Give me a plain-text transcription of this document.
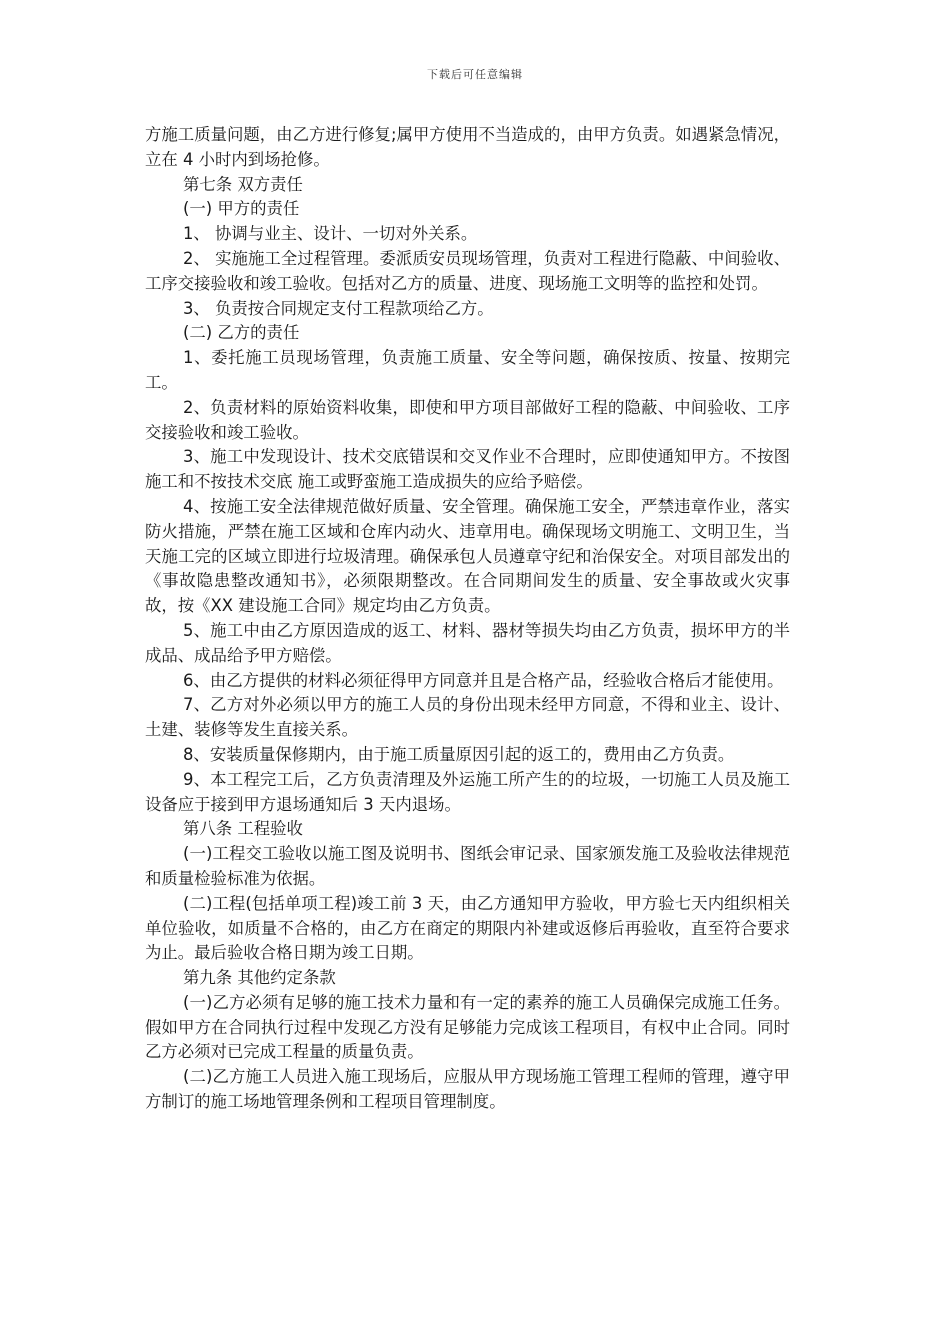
下载后可任意编辑

方施工质量问题，由乙方进行修复;属甲方使用不当造成的，由甲方负责。如遇紧急情况，立在 4 小时内到场抢修。

第七条 双方责任

(一) 甲方的责任

1、 协调与业主、设计、一切对外关系。

2、 实施施工全过程管理。委派质安员现场管理，负责对工程进行隐蔽、中间验收、工序交接验收和竣工验收。包括对乙方的质量、进度、现场施工文明等的监控和处罚。

3、 负责按合同规定支付工程款项给乙方。

(二) 乙方的责任

1、委托施工员现场管理，负责施工质量、安全等问题，确保按质、按量、按期完工。

2、负责材料的原始资料收集，即使和甲方项目部做好工程的隐蔽、中间验收、工序交接验收和竣工验收。

3、施工中发现设计、技术交底错误和交叉作业不合理时，应即使通知甲方。不按图施工和不按技术交底 施工或野蛮施工造成损失的应给予赔偿。

4、按施工安全法律规范做好质量、安全管理。确保施工安全，严禁违章作业，落实防火措施，严禁在施工区域和仓库内动火、违章用电。确保现场文明施工、文明卫生，当天施工完的区域立即进行垃圾清理。确保承包人员遵章守纪和治保安全。对项目部发出的《事故隐患整改通知书》，必须限期整改。在合同期间发生的质量、安全事故或火灾事故，按《XX 建设施工合同》规定均由乙方负责。

5、施工中由乙方原因造成的返工、材料、器材等损失均由乙方负责，损坏甲方的半成品、成品给予甲方赔偿。

6、由乙方提供的材料必须征得甲方同意并且是合格产品，经验收合格后才能使用。

7、乙方对外必须以甲方的施工人员的身份出现未经甲方同意，不得和业主、设计、土建、装修等发生直接关系。

8、安装质量保修期内，由于施工质量原因引起的返工的，费用由乙方负责。

9、本工程完工后，乙方负责清理及外运施工所产生的的垃圾，一切施工人员及施工设备应于接到甲方退场通知后 3 天内退场。

第八条 工程验收

(一)工程交工验收以施工图及说明书、图纸会审记录、国家颁发施工及验收法律规范和质量检验标准为依据。

(二)工程(包括单项工程)竣工前 3 天，由乙方通知甲方验收，甲方验七天内组织相关单位验收，如质量不合格的，由乙方在商定的期限内补建或返修后再验收，直至符合要求为止。最后验收合格日期为竣工日期。

第九条 其他约定条款

(一)乙方必须有足够的施工技术力量和有一定的素养的施工人员确保完成施工任务。假如甲方在合同执行过程中发现乙方没有足够能力完成该工程项目，有权中止合同。同时乙方必须对已完成工程量的质量负责。

(二)乙方施工人员进入施工现场后，应服从甲方现场施工管理工程师的管理，遵守甲方制订的施工场地管理条例和工程项目管理制度。
